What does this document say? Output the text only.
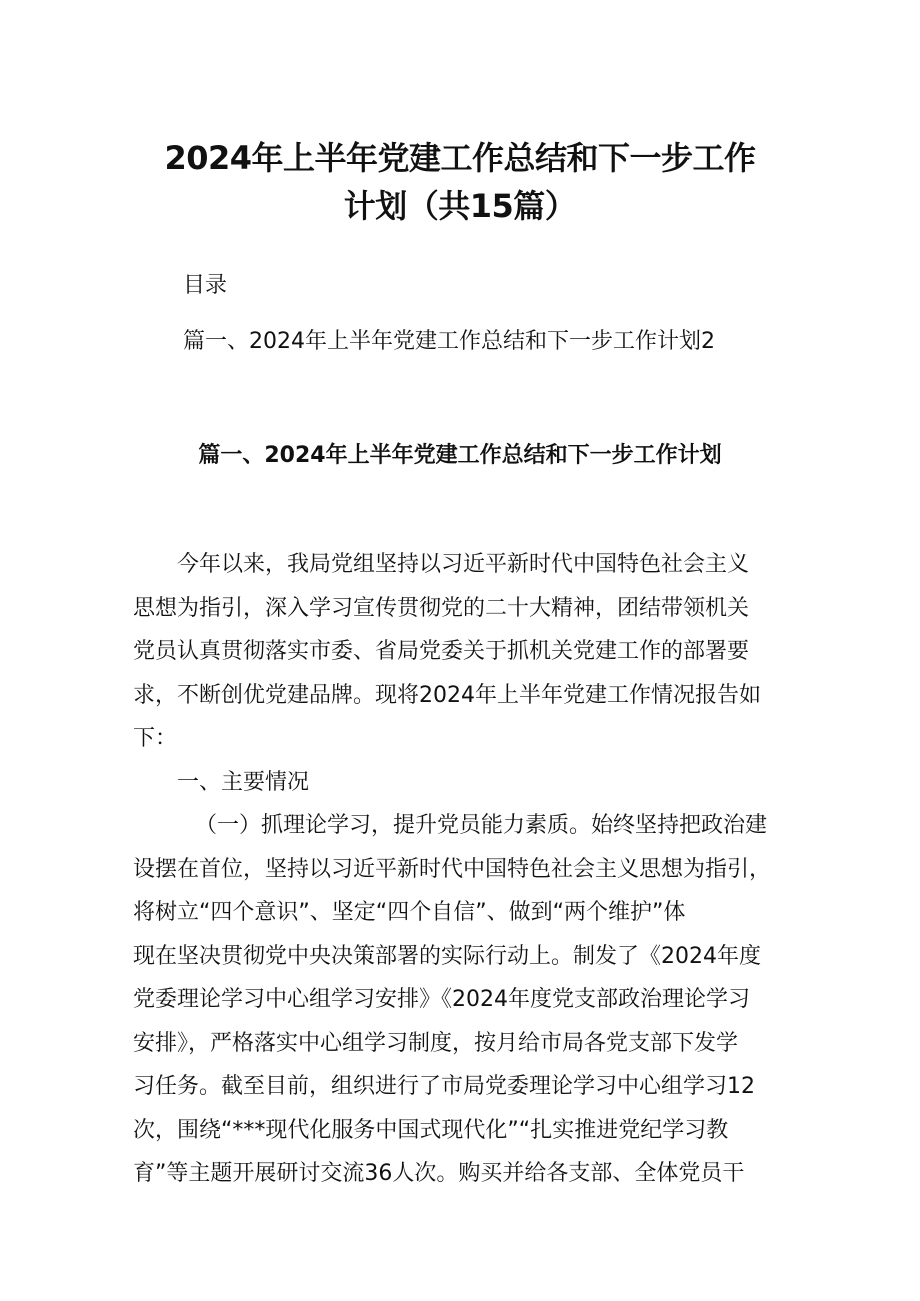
2024年上半年党建工作总结和下一步工作
计划（共15篇）
目录
篇一、2024年上半年党建工作总结和下一步工作计划2
篇一、2024年上半年党建工作总结和下一步工作计划
今年以来，我局党组坚持以习近平新时代中国特色社会主义
思想为指引，深入学习宣传贯彻党的二十大精神，团结带领机关
党员认真贯彻落实市委、省局党委关于抓机关党建工作的部署要
求，不断创优党建品牌。现将2024年上半年党建工作情况报告如
下：
一、主要情况
（一）抓理论学习，提升党员能力素质。始终坚持把政治建
设摆在首位，坚持以习近平新时代中国特色社会主义思想为指引，
将树立“四个意识”、坚定“四个自信”、做到“两个维护”体
现在坚决贯彻党中央决策部署的实际行动上。制发了《2024年度
党委理论学习中心组学习安排》《2024年度党支部政治理论学习
安排》，严格落实中心组学习制度，按月给市局各党支部下发学
习任务。截至目前，组织进行了市局党委理论学习中心组学习12
次，围绕“***现代化服务中国式现代化”“扎实推进党纪学习教
育”等主题开展研讨交流36人次。购买并给各支部、全体党员干
